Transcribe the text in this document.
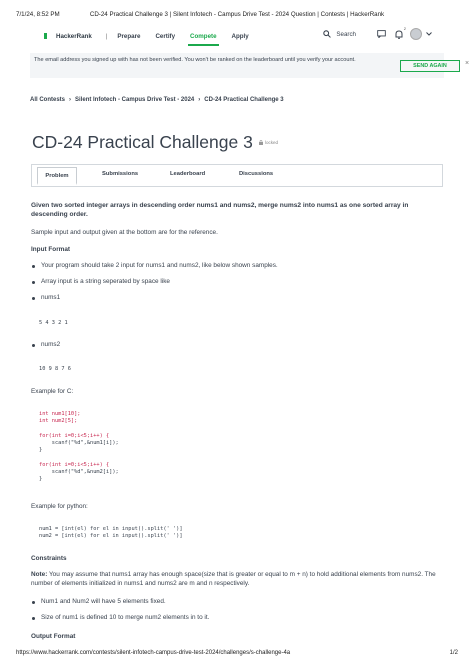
7/1/24, 8:52 PM	CD-24 Practical Challenge 3 | Silent Infotech - Campus Drive Test - 2024 Question | Contests | HackerRank
HackerRank | Prepare Certify Compete Apply	Search
2
The email address you signed up with has not been verified. You won't be ranked on the leaderboard until you verify your account.
SEND AGAIN	×
All Contests › Silent Infotech - Campus Drive Test - 2024 › CD-24 Practical Challenge 3
CD-24 Practical Challenge 3	locked
Problem	Submissions	Leaderboard	Discussions
Given two sorted integer arrays in descending order nums1 and nums2, merge nums2 into nums1 as one sorted array in descending order.
Sample input and output given at the bottom are for the reference.
Input Format
Your program should take 2 input for nums1 and nums2, like below shown samples.
Array input is a string seperated by space like
nums1
5 4 3 2 1
nums2
10 9 8 7 6
Example for C:
int num1[10];
int num2[5];
for(int i=0;i<5;i++) {
scanf("%d",&num1[i]);
}
for(int i=0;i<5;i++) {
scanf("%d",&num2[i]);
}
Example for python:
num1 = [int(el) for el in input().split(' ')]
num2 = [int(el) for el in input().split(' ')]
Constraints
Note: You may assume that nums1 array has enough space(size that is greater or equal to m + n) to hold additional elements from nums2. The number of elements initialized in nums1 and nums2 are m and n respectively.
Num1 and Num2 will have 5 elements fixed.
Size of num1 is defined 10 to merge num2 elements in to it.
Output Format
https://www.hackerrank.com/contests/silent-infotech-campus-drive-test-2024/challenges/s-challenge-4a	1/2
